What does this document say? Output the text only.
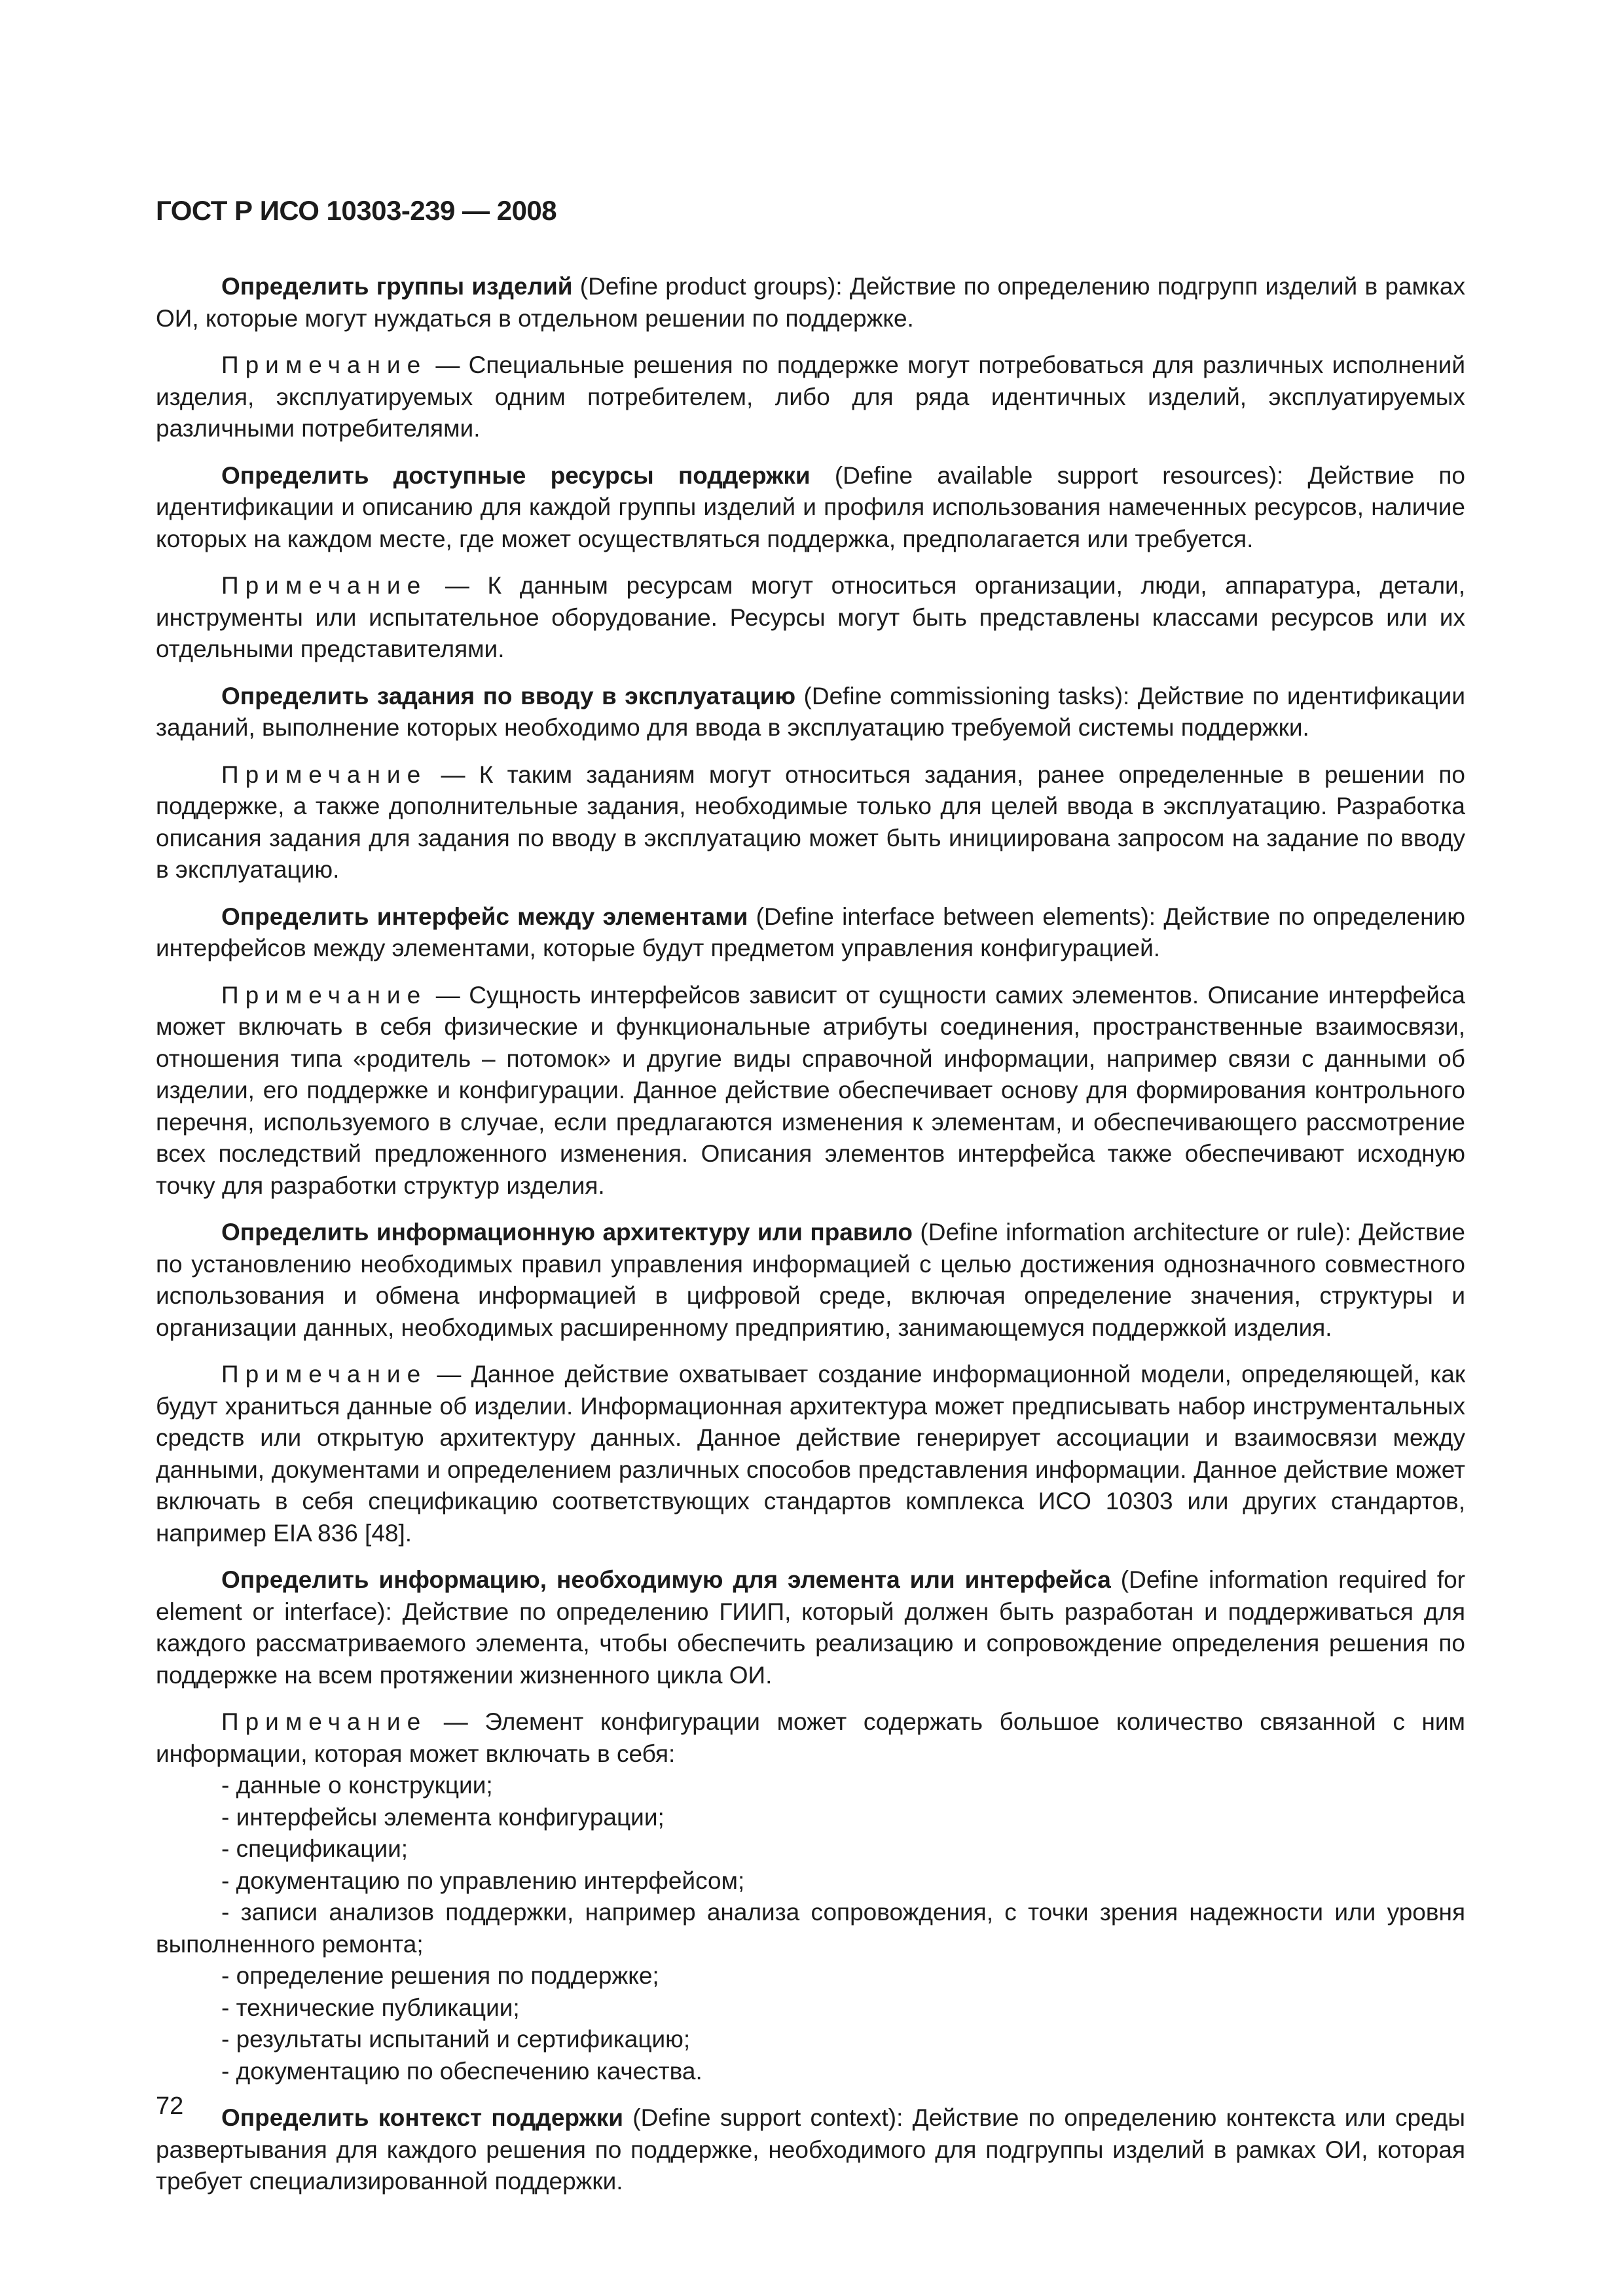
ГОСТ Р ИСО 10303-239 — 2008

Определить группы изделий (Define product groups): Действие по определению подгрупп изделий в рамках ОИ, которые могут нуждаться в отдельном решении по поддержке.

Примечание — Специальные решения по поддержке могут потребоваться для различных исполнений изделия, эксплуатируемых одним потребителем, либо для ряда идентичных изделий, эксплуатируемых различными потребителями.

Определить доступные ресурсы поддержки (Define available support resources): Действие по идентификации и описанию для каждой группы изделий и профиля использования намеченных ресурсов, наличие которых на каждом месте, где может осуществляться поддержка, предполагается или требуется.

Примечание — К данным ресурсам могут относиться организации, люди, аппаратура, детали, инструменты или испытательное оборудование. Ресурсы могут быть представлены классами ресурсов или их отдельными представителями.

Определить задания по вводу в эксплуатацию (Define commissioning tasks): Действие по идентификации заданий, выполнение которых необходимо для ввода в эксплуатацию требуемой системы поддержки.

Примечание — К таким заданиям могут относиться задания, ранее определенные в решении по поддержке, а также дополнительные задания, необходимые только для целей ввода в эксплуатацию. Разработка описания задания для задания по вводу в эксплуатацию может быть инициирована запросом на задание по вводу в эксплуатацию.

Определить интерфейс между элементами (Define interface between elements): Действие по определению интерфейсов между элементами, которые будут предметом управления конфигурацией.

Примечание — Сущность интерфейсов зависит от сущности самих элементов. Описание интерфейса может включать в себя физические и функциональные атрибуты соединения, пространственные взаимосвязи, отношения типа «родитель – потомок» и другие виды справочной информации, например связи с данными об изделии, его поддержке и конфигурации. Данное действие обеспечивает основу для формирования контрольного перечня, используемого в случае, если предлагаются изменения к элементам, и обеспечивающего рассмотрение всех последствий предложенного изменения. Описания элементов интерфейса также обеспечивают исходную точку для разработки структур изделия.

Определить информационную архитектуру или правило (Define information architecture or rule): Действие по установлению необходимых правил управления информацией с целью достижения однозначного совместного использования и обмена информацией в цифровой среде, включая определение значения, структуры и организации данных, необходимых расширенному предприятию, занимающемуся поддержкой изделия.

Примечание — Данное действие охватывает создание информационной модели, определяющей, как будут храниться данные об изделии. Информационная архитектура может предписывать набор инструментальных средств или открытую архитектуру данных. Данное действие генерирует ассоциации и взаимосвязи между данными, документами и определением различных способов представления информации. Данное действие может включать в себя спецификацию соответствующих стандартов комплекса ИСО 10303 или других стандартов, например EIA 836 [48].

Определить информацию, необходимую для элемента или интерфейса (Define information required for element or interface): Действие по определению ГИИП, который должен быть разработан и поддерживаться для каждого рассматриваемого элемента, чтобы обеспечить реализацию и сопровождение определения решения по поддержке на всем протяжении жизненного цикла ОИ.

Примечание — Элемент конфигурации может содержать большое количество связанной с ним информации, которая может включать в себя:

- данные о конструкции;
- интерфейсы элемента конфигурации;
- спецификации;
- документацию по управлению интерфейсом;
- записи анализов поддержки, например анализа сопровождения, с точки зрения надежности или уровня выполненного ремонта;
- определение решения по поддержке;
- технические публикации;
- результаты испытаний и сертификацию;
- документацию по обеспечению качества.

Определить контекст поддержки (Define support context): Действие по определению контекста или среды развертывания для каждого решения по поддержке, необходимого для подгруппы изделий в рамках ОИ, которая требует специализированной поддержки.

72
